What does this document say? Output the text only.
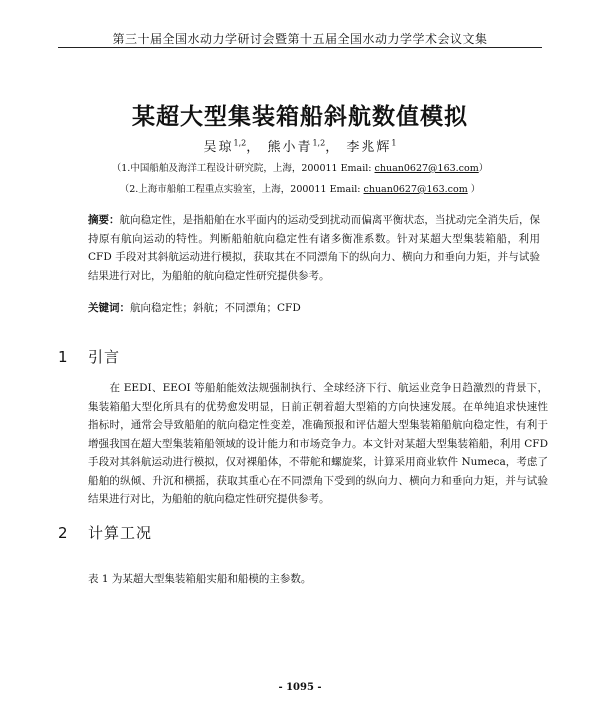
第三十届全国水动力学研讨会暨第十五届全国水动力学学术会议文集
某超大型集装箱船斜航数值模拟
吴琼$^{1,2}$， 熊小青$^{1,2}$， 李兆辉$^1$
（1.中国船舶及海洋工程设计研究院，上海，200011 Email: chuan0627@163.com）
（2.上海市船舶工程重点实验室，上海，200011 Email: chuan0627@163.com ）
摘要：航向稳定性，是指船舶在水平面内的运动受到扰动而偏离平衡状态，当扰动完全消失后，保持原有航向运动的特性。判断船舶航向稳定性有诸多衡准系数。针对某超大型集装箱船，利用 CFD 手段对其斜航运动进行模拟，获取其在不同漂角下的纵向力、横向力和垂向力矩，并与试验结果进行对比，为船舶的航向稳定性研究提供参考。
关键词：航向稳定性；斜航；不同漂角；CFD
1 引言

　　在 EEDI、EEOI 等船舶能效法规强制执行、全球经济下行、航运业竞争日趋激烈的背景下，集装箱船大型化所具有的优势愈发明显，日前正朝着超大型箱的方向快速发展。在单纯追求快速性指标时，通常会导致船舶的航向稳定性变差，准确预报和评估超大型集装箱船航向稳定性，有利于增强我国在超大型集装箱船领域的设计能力和市场竞争力。本文针对某超大型集装箱船，利用 CFD 手段对其斜航运动进行模拟，仅对裸船体，不带舵和螺旋桨，计算采用商业软件 Numeca，考虑了船舶的纵倾、升沉和横摇，获取其重心在不同漂角下受到的纵向力、横向力和垂向力矩，并与试验结果进行对比，为船舶的航向稳定性研究提供参考。

2 计算工况
表 1 为某超大型集装箱船实船和船模的主参数。
- 1095 -
